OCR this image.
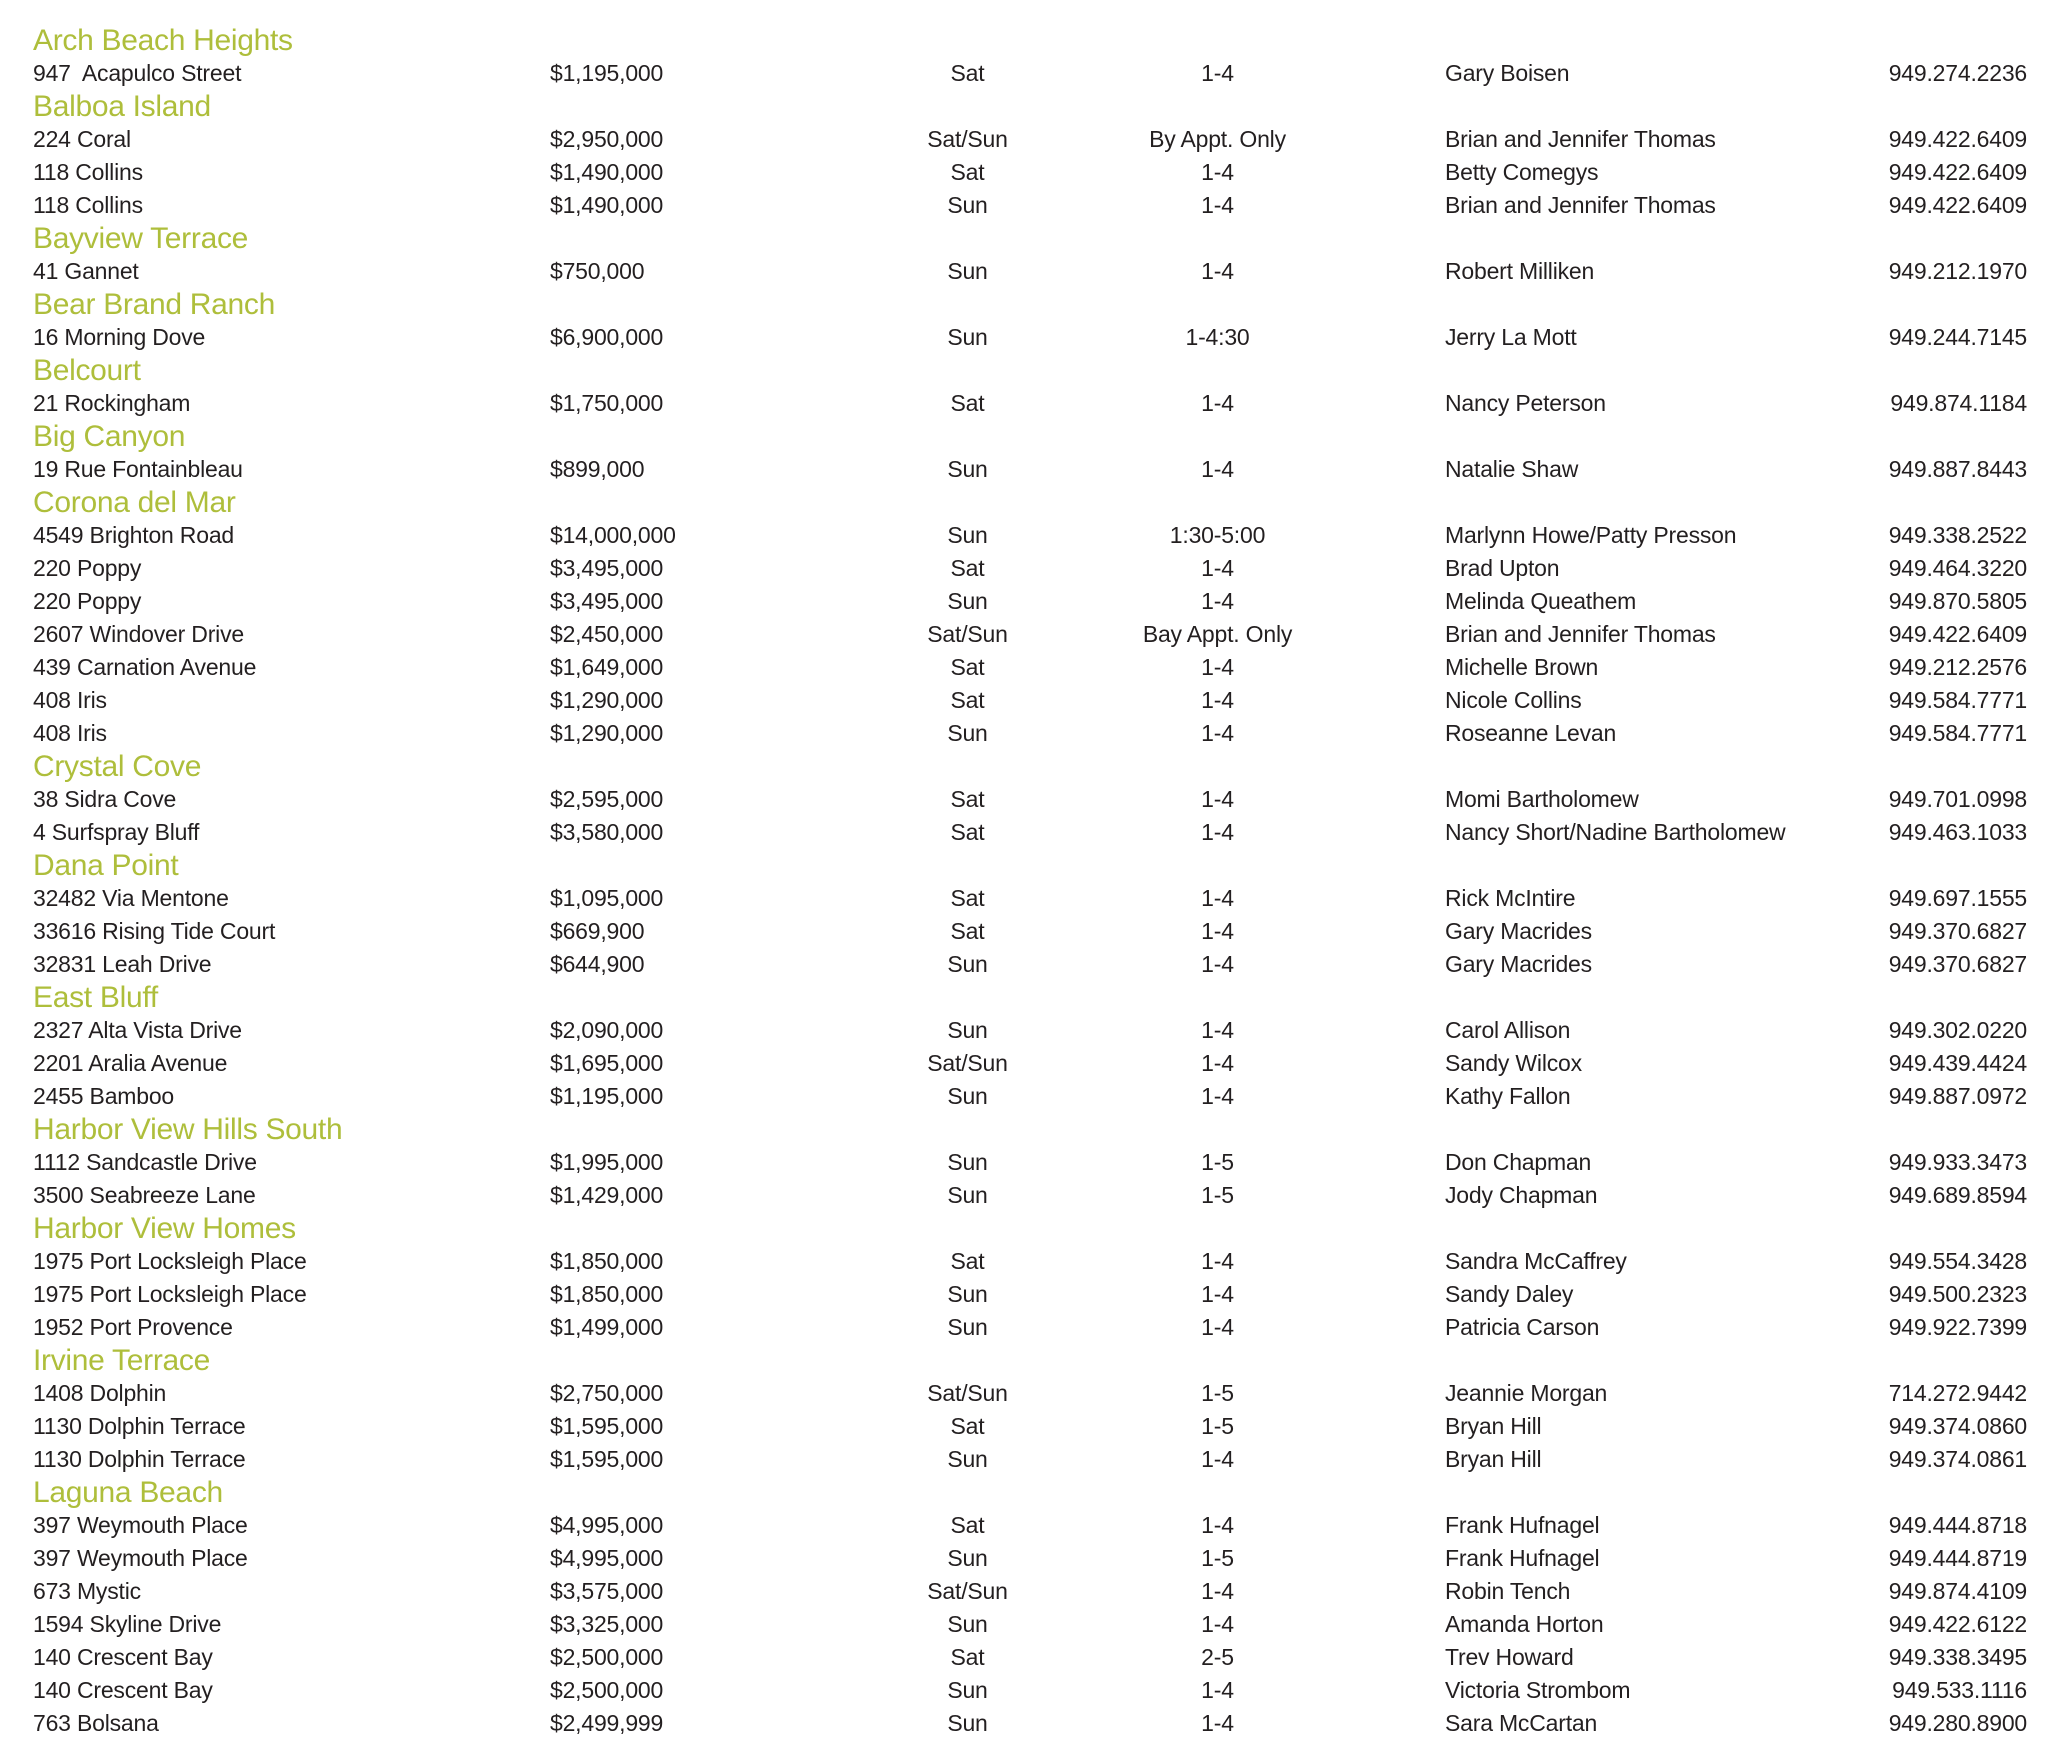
Arch Beach Heights
947  Acapulco Street	$1,195,000	Sat	1-4	Gary Boisen	949.274.2236
Balboa Island
224 Coral	$2,950,000	Sat/Sun	By Appt. Only	Brian and Jennifer Thomas	949.422.6409
118 Collins	$1,490,000	Sat	1-4	Betty Comegys	949.422.6409
118 Collins	$1,490,000	Sun	1-4	Brian and Jennifer Thomas	949.422.6409
Bayview Terrace
41 Gannet	$750,000	Sun	1-4	Robert Milliken	949.212.1970
Bear Brand Ranch
16 Morning Dove	$6,900,000	Sun	1-4:30	Jerry La Mott	949.244.7145
Belcourt
21 Rockingham	$1,750,000	Sat	1-4	Nancy Peterson	949.874.1184
Big Canyon
19 Rue Fontainbleau	$899,000	Sun	1-4	Natalie Shaw	949.887.8443
Corona del Mar
4549 Brighton Road	$14,000,000	Sun	1:30-5:00	Marlynn Howe/Patty Presson	949.338.2522
220 Poppy	$3,495,000	Sat	1-4	Brad Upton	949.464.3220
220 Poppy	$3,495,000	Sun	1-4	Melinda Queathem	949.870.5805
2607 Windover Drive	$2,450,000	Sat/Sun	Bay Appt. Only	Brian and Jennifer Thomas	949.422.6409
439 Carnation Avenue	$1,649,000	Sat	1-4	Michelle Brown	949.212.2576
408 Iris	$1,290,000	Sat	1-4	Nicole Collins	949.584.7771
408 Iris	$1,290,000	Sun	1-4	Roseanne Levan	949.584.7771
Crystal Cove
38 Sidra Cove	$2,595,000	Sat	1-4	Momi Bartholomew	949.701.0998
4 Surfspray Bluff	$3,580,000	Sat	1-4	Nancy Short/Nadine Bartholomew	949.463.1033
Dana Point
32482 Via Mentone	$1,095,000	Sat	1-4	Rick McIntire	949.697.1555
33616 Rising Tide Court	$669,900	Sat	1-4	Gary Macrides	949.370.6827
32831 Leah Drive	$644,900	Sun	1-4	Gary Macrides	949.370.6827
East Bluff
2327 Alta Vista Drive	$2,090,000	Sun	1-4	Carol Allison	949.302.0220
2201 Aralia Avenue	$1,695,000	Sat/Sun	1-4	Sandy Wilcox	949.439.4424
2455 Bamboo	$1,195,000	Sun	1-4	Kathy Fallon	949.887.0972
Harbor View Hills South
1112 Sandcastle Drive	$1,995,000	Sun	1-5	Don Chapman	949.933.3473
3500 Seabreeze Lane	$1,429,000	Sun	1-5	Jody Chapman	949.689.8594
Harbor View Homes
1975 Port Locksleigh Place	$1,850,000	Sat	1-4	Sandra McCaffrey	949.554.3428
1975 Port Locksleigh Place	$1,850,000	Sun	1-4	Sandy Daley	949.500.2323
1952 Port Provence	$1,499,000	Sun	1-4	Patricia Carson	949.922.7399
Irvine Terrace
1408 Dolphin	$2,750,000	Sat/Sun	1-5	Jeannie Morgan	714.272.9442
1130 Dolphin Terrace	$1,595,000	Sat	1-5	Bryan Hill	949.374.0860
1130 Dolphin Terrace	$1,595,000	Sun	1-4	Bryan Hill	949.374.0861
Laguna Beach
397 Weymouth Place	$4,995,000	Sat	1-4	Frank Hufnagel	949.444.8718
397 Weymouth Place	$4,995,000	Sun	1-5	Frank Hufnagel	949.444.8719
673 Mystic	$3,575,000	Sat/Sun	1-4	Robin Tench	949.874.4109
1594 Skyline Drive	$3,325,000	Sun	1-4	Amanda Horton	949.422.6122
140 Crescent Bay	$2,500,000	Sat	2-5	Trev Howard	949.338.3495
140 Crescent Bay	$2,500,000	Sun	1-4	Victoria Strombom	949.533.1116
763 Bolsana	$2,499,999	Sun	1-4	Sara McCartan	949.280.8900
